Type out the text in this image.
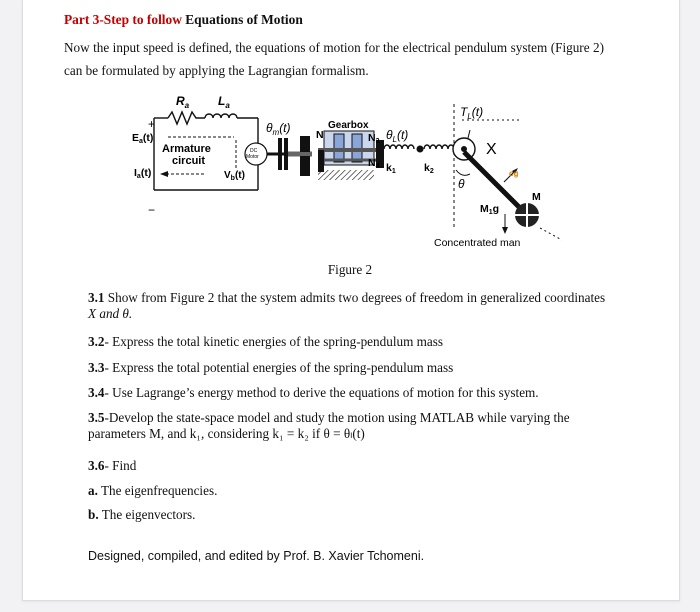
Part 3-Step to follow Equations of Motion
Now the input speed is defined, the equations of motion for the electrical pendulum system (Figure 2) can be formulated by applying the Lagrangian formalism.
$R_a$ $L_a$
+
−
Ea(t)
Armature
circuit
Ia(t)	$V_b(t)$
DC
Motor
$\theta_m(t)$ N
Gearbox
N3
N4
$\theta_L(t)$
k1	k2
$T_L(t)$
X
θ
cg
M
M1g
Concentrated man
Figure 2
3.1 Show from Figure 2 that the system admits two degrees of freedom in generalized coordinates
X and θ.
3.2- Express the total kinetic energies of the spring-pendulum mass
3.3- Express the total potential energies of the spring-pendulum mass
3.4- Use Lagrange’s energy method to derive the equations of motion for this system.
3.5-Develop the state-space model and study the motion using MATLAB while varying the
parameters M, and k₁, considering k₁ = k₂ if θ = θₗ(t)
3.6- Find
a. The eigenfrequencies.
b. The eigenvectors.
Designed, compiled, and edited by Prof. B. Xavier Tchomeni.
